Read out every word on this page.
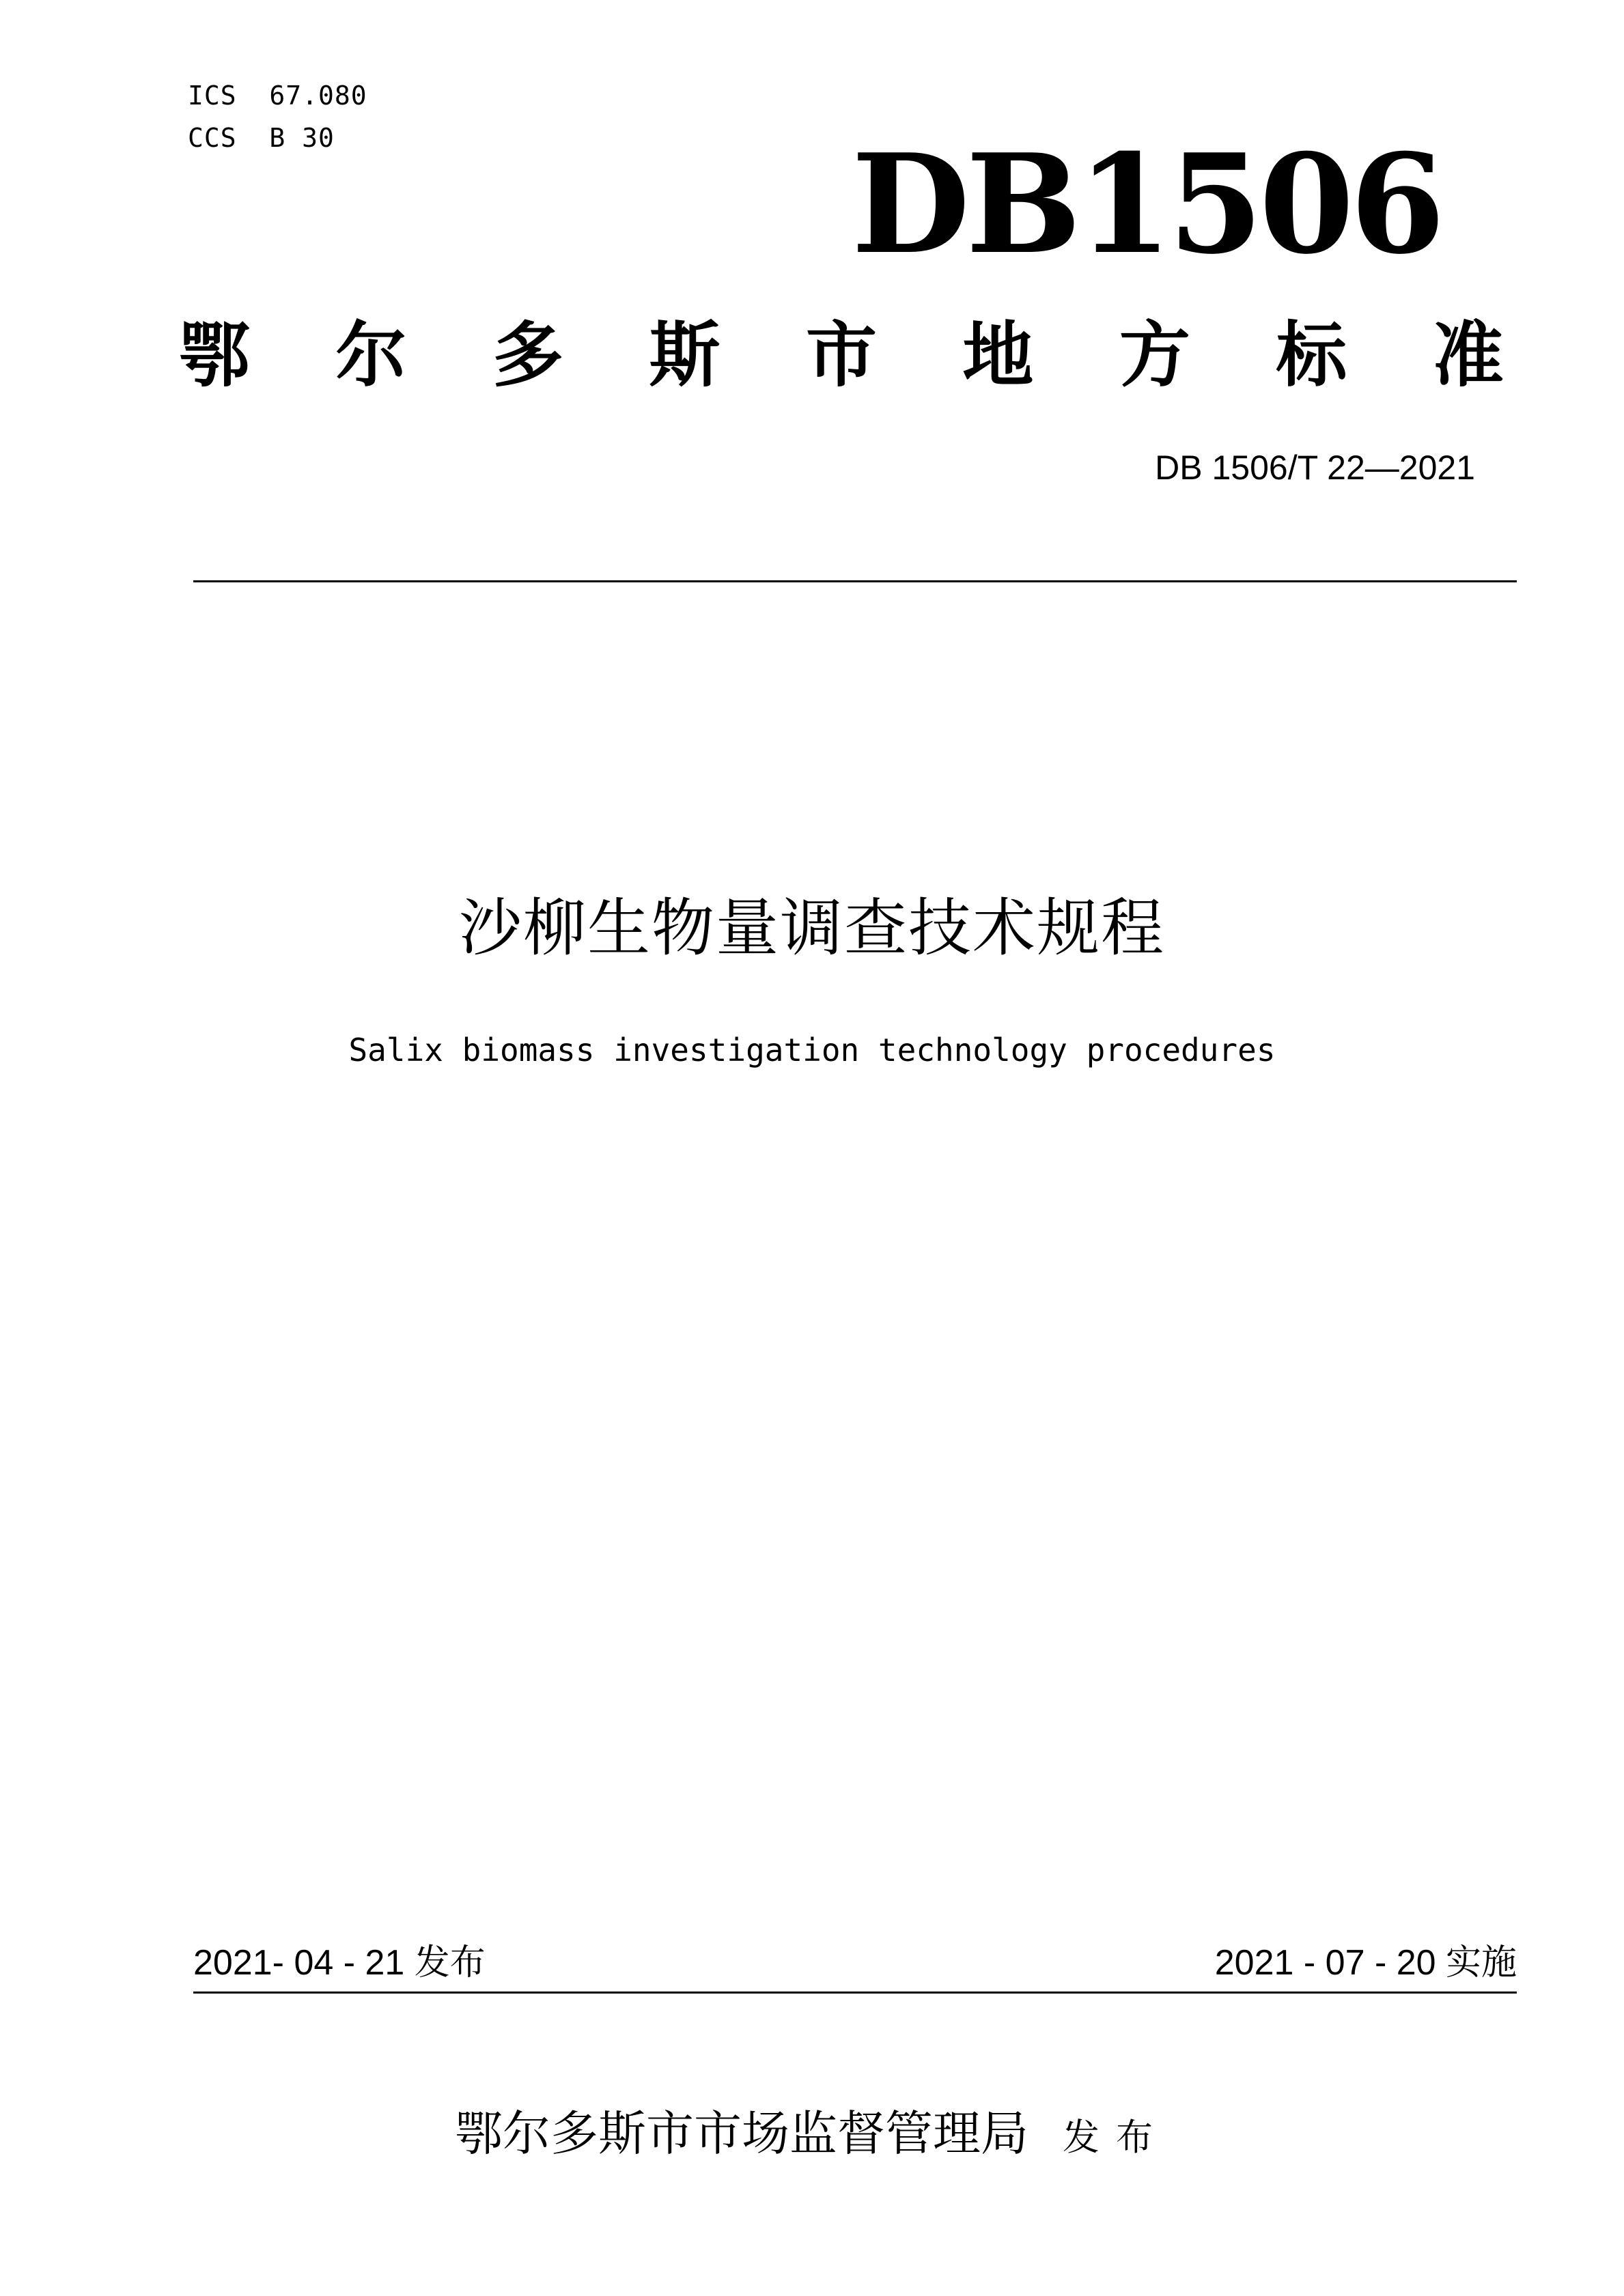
ICS  67.080
CCS  B 30	DB1506
鄂 尔 多 斯 市 地 方 标 准
DB 1506/T 22—2021
沙柳生物量调查技术规程
Salix biomass investigation technology procedures
2021- 04 - 21 发布	2021 - 07 - 20 实施
鄂尔多斯市市场监督管理局 发布
